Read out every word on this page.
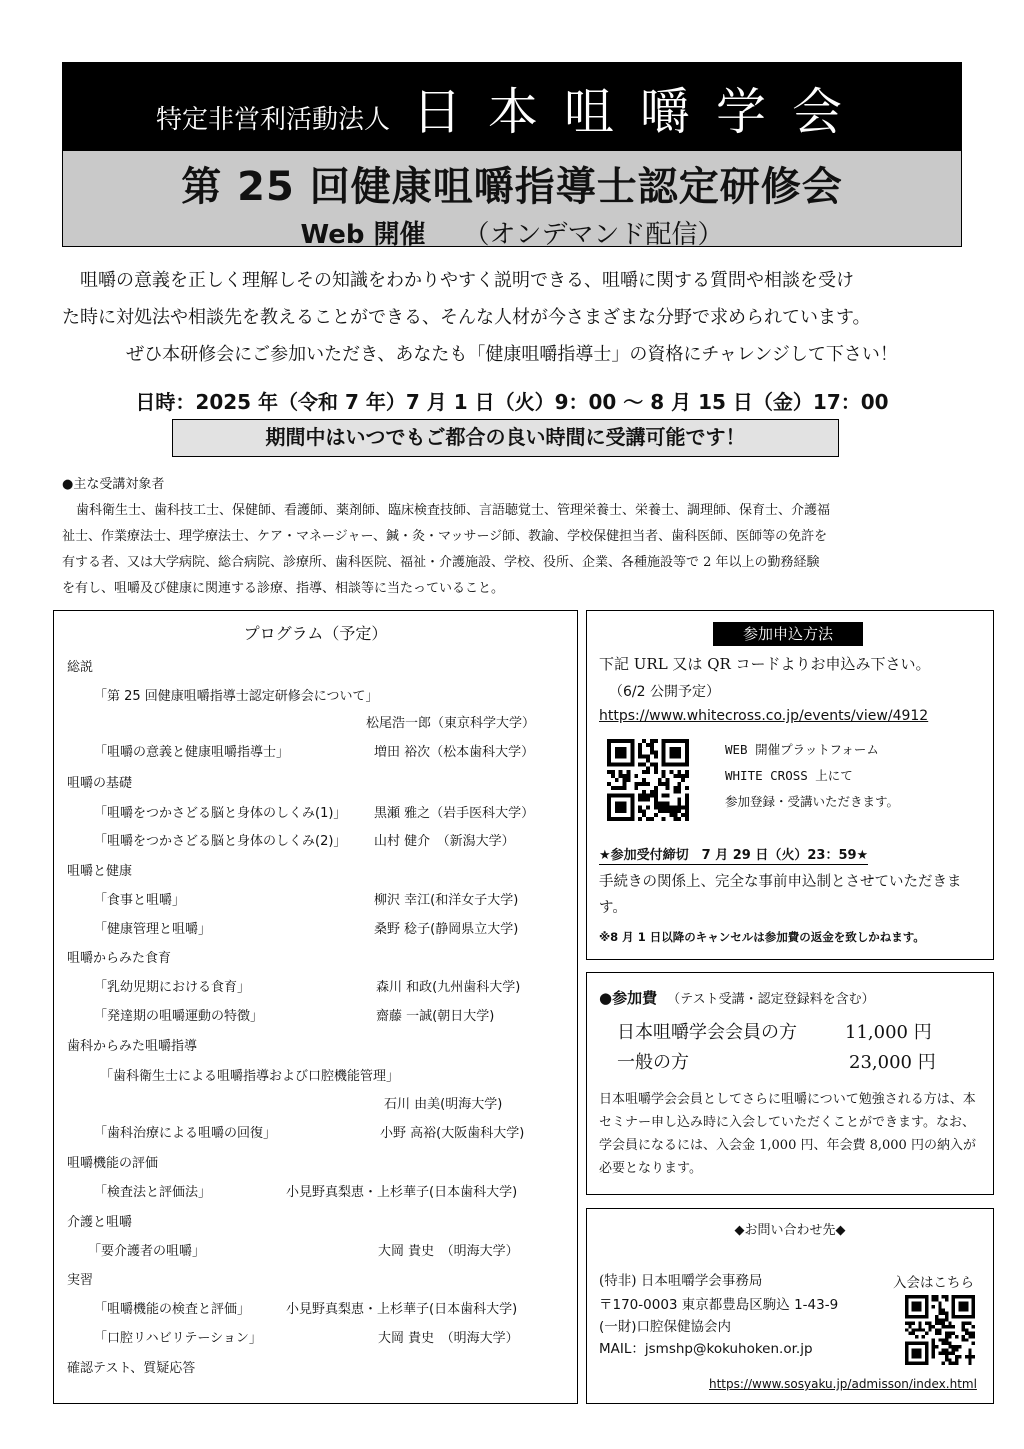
特定非営利活動法人 日本咀嚼学会
第 25 回健康咀嚼指導士認定研修会
Web 開催 （オンデマンド配信）

咀嚼の意義を正しく理解しその知識をわかりやすく説明できる、咀嚼に関する質問や相談を受け

た時に対処法や相談先を教えることができる、そんな人材が今さまざまな分野で求められています。

ぜひ本研修会にご参加いただき、あなたも「健康咀嚼指導士」の資格にチャレンジして下さい！

日時：2025 年（令和 7 年）7 月 1 日（火）9：00 〜 8 月 15 日（金）17：00
期間中はいつでもご都合の良い時間に受講可能です！
●主な受講対象者
歯科衛生士、歯科技工士、保健師、看護師、薬剤師、臨床検査技師、言語聴覚士、管理栄養士、栄養士、調理師、保育士、介護福
祉士、作業療法士、理学療法士、ケア・マネージャー、鍼・灸・マッサージ師、教諭、学校保健担当者、歯科医師、医師等の免許を
有する者、又は大学病院、総合病院、診療所、歯科医院、福祉・介護施設、学校、役所、企業、各種施設等で 2 年以上の勤務経験
を有し、咀嚼及び健康に関連する診療、指導、相談等に当たっていること。
プログラム（予定）
総説
「第 25 回健康咀嚼指導士認定研修会について」
松尾浩一郎（東京科学大学）
「咀嚼の意義と健康咀嚼指導士」	増田 裕次（松本歯科大学）
咀嚼の基礎
「咀嚼をつかさどる脳と身体のしくみ(1)」 黒瀬 雅之（岩手医科大学）
「咀嚼をつかさどる脳と身体のしくみ(2)」 山村 健介　（新潟大学）
咀嚼と健康
「食事と咀嚼」	柳沢 幸江(和洋女子大学)
「健康管理と咀嚼」	桑野 稔子(静岡県立大学)
咀嚼からみた食育
「乳幼児期における食育」	森川 和政(九州歯科大学)
「発達期の咀嚼運動の特徴」	齋藤 一誠(朝日大学)
歯科からみた咀嚼指導
「歯科衛生士による咀嚼指導および口腔機能管理」
石川 由美(明海大学)
「歯科治療による咀嚼の回復」	小野 高裕(大阪歯科大学)
咀嚼機能の評価
「検査法と評価法」	小見野真梨恵・上杉華子(日本歯科大学)
介護と咀嚼
「要介護者の咀嚼」	大岡 貴史　（明海大学）
実習
「咀嚼機能の検査と評価」	小見野真梨恵・上杉華子(日本歯科大学)
「口腔リハビリテーション」	大岡 貴史　（明海大学）
確認テスト、質疑応答
参加申込方法
下記 URL 又は QR コードよりお申込み下さい。
（6/2 公開予定）
https://www.whitecross.co.jp/events/view/4912
WEB 開催プラットフォーム
WHITE CROSS 上にて
参加登録・受講いただきます。
★参加受付締切　7 月 29 日（火）23：59★
手続きの関係上、完全な事前申込制とさせていただきます。
※8 月 1 日以降のキャンセルは参加費の返金を致しかねます。
●参加費 （テスト受講・認定登録料を含む）
日本咀嚼学会会員の方	11,000 円
一般の方	23,000 円
日本咀嚼学会会員としてさらに咀嚼について勉強される方は、本セミナー申し込み時に入会していただくことができます。なお、学会員になるには、入会金 1,000 円、年会費 8,000 円の納入が必要となります。
◆お問い合わせ先◆
(特非) 日本咀嚼学会事務局
〒170-0003 東京都豊島区駒込 1-43-9
(一財)口腔保健協会内
MAIL：jsmshp@kokuhoken.or.jp
入会はこちら
https://www.sosyaku.jp/admisson/index.html
